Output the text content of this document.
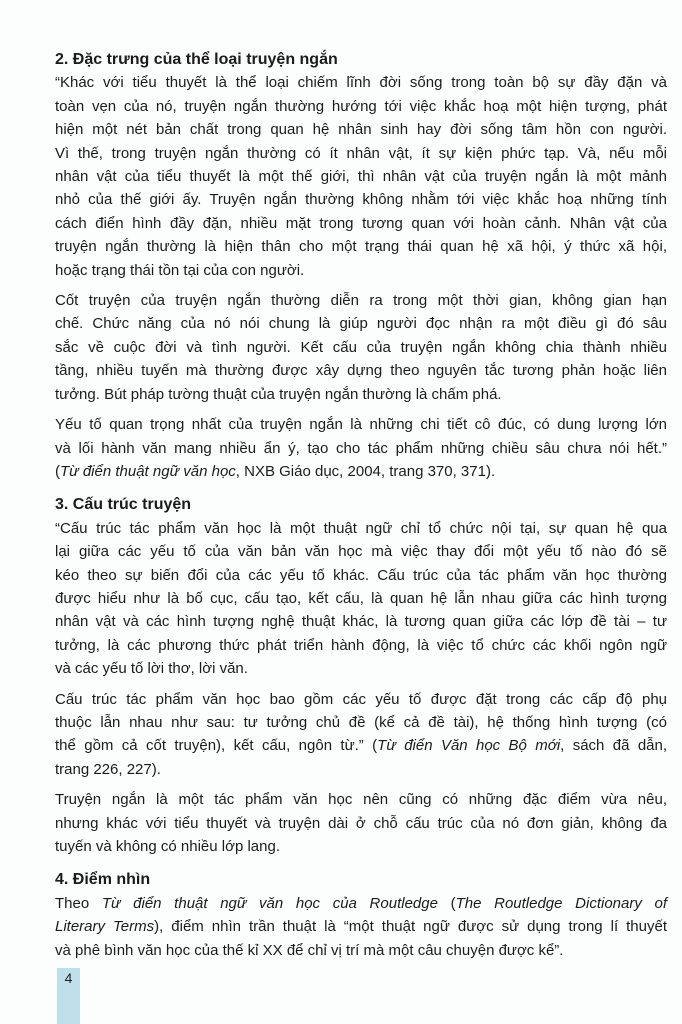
2. Đặc trưng của thể loại truyện ngắn
“Khác với tiểu thuyết là thể loại chiếm lĩnh đời sống trong toàn bộ sự đầy đặn và
toàn vẹn của nó, truyện ngắn thường hướng tới việc khắc hoạ một hiện tượng, phát
hiện một nét bản chất trong quan hệ nhân sinh hay đời sống tâm hồn con người.
Vì thế, trong truyện ngắn thường có ít nhân vật, ít sự kiện phức tạp. Và, nếu mỗi
nhân vật của tiểu thuyết là một thế giới, thì nhân vật của truyện ngắn là một mảnh
nhỏ của thế giới ấy. Truyện ngắn thường không nhằm tới việc khắc hoạ những tính
cách điển hình đầy đặn, nhiều mặt trong tương quan với hoàn cảnh. Nhân vật của
truyện ngắn thường là hiện thân cho một trạng thái quan hệ xã hội, ý thức xã hội,
hoặc trạng thái tồn tại của con người.
Cốt truyện của truyện ngắn thường diễn ra trong một thời gian, không gian hạn
chế. Chức năng của nó nói chung là giúp người đọc nhận ra một điều gì đó sâu
sắc về cuộc đời và tình người. Kết cấu của truyện ngắn không chia thành nhiều
tầng, nhiều tuyến mà thường được xây dựng theo nguyên tắc tương phản hoặc liên
tưởng. Bút pháp tường thuật của truyện ngắn thường là chấm phá.
Yếu tố quan trọng nhất của truyện ngắn là những chi tiết cô đúc, có dung lượng lớn
và lối hành văn mang nhiều ẩn ý, tạo cho tác phẩm những chiều sâu chưa nói hết.”
(Từ điển thuật ngữ văn học, NXB Giáo dục, 2004, trang 370, 371).
3. Cấu trúc truyện
“Cấu trúc tác phẩm văn học là một thuật ngữ chỉ tổ chức nội tại, sự quan hệ qua
lại giữa các yếu tố của văn bản văn học mà việc thay đổi một yếu tố nào đó sẽ
kéo theo sự biến đổi của các yếu tố khác. Cấu trúc của tác phẩm văn học thường
được hiểu như là bố cục, cấu tạo, kết cấu, là quan hệ lẫn nhau giữa các hình tượng
nhân vật và các hình tượng nghệ thuật khác, là tương quan giữa các lớp đề tài – tư
tưởng, là các phương thức phát triển hành động, là việc tổ chức các khối ngôn ngữ
và các yếu tố lời thơ, lời văn.
Cấu trúc tác phẩm văn học bao gồm các yếu tố được đặt trong các cấp độ phụ
thuộc lẫn nhau như sau: tư tưởng chủ đề (kể cả đề tài), hệ thống hình tượng (có
thể gồm cả cốt truyện), kết cấu, ngôn từ.” (Từ điển Văn học Bộ mới, sách đã dẫn,
trang 226, 227).
Truyện ngắn là một tác phẩm văn học nên cũng có những đặc điểm vừa nêu,
nhưng khác với tiểu thuyết và truyện dài ở chỗ cấu trúc của nó đơn giản, không đa
tuyến và không có nhiều lớp lang.
4. Điểm nhìn
Theo Từ điển thuật ngữ văn học của Routledge (The Routledge Dictionary of
Literary Terms), điểm nhìn trần thuật là “một thuật ngữ được sử dụng trong lí thuyết
và phê bình văn học của thế kỉ XX để chỉ vị trí mà một câu chuyện được kể”.
4
